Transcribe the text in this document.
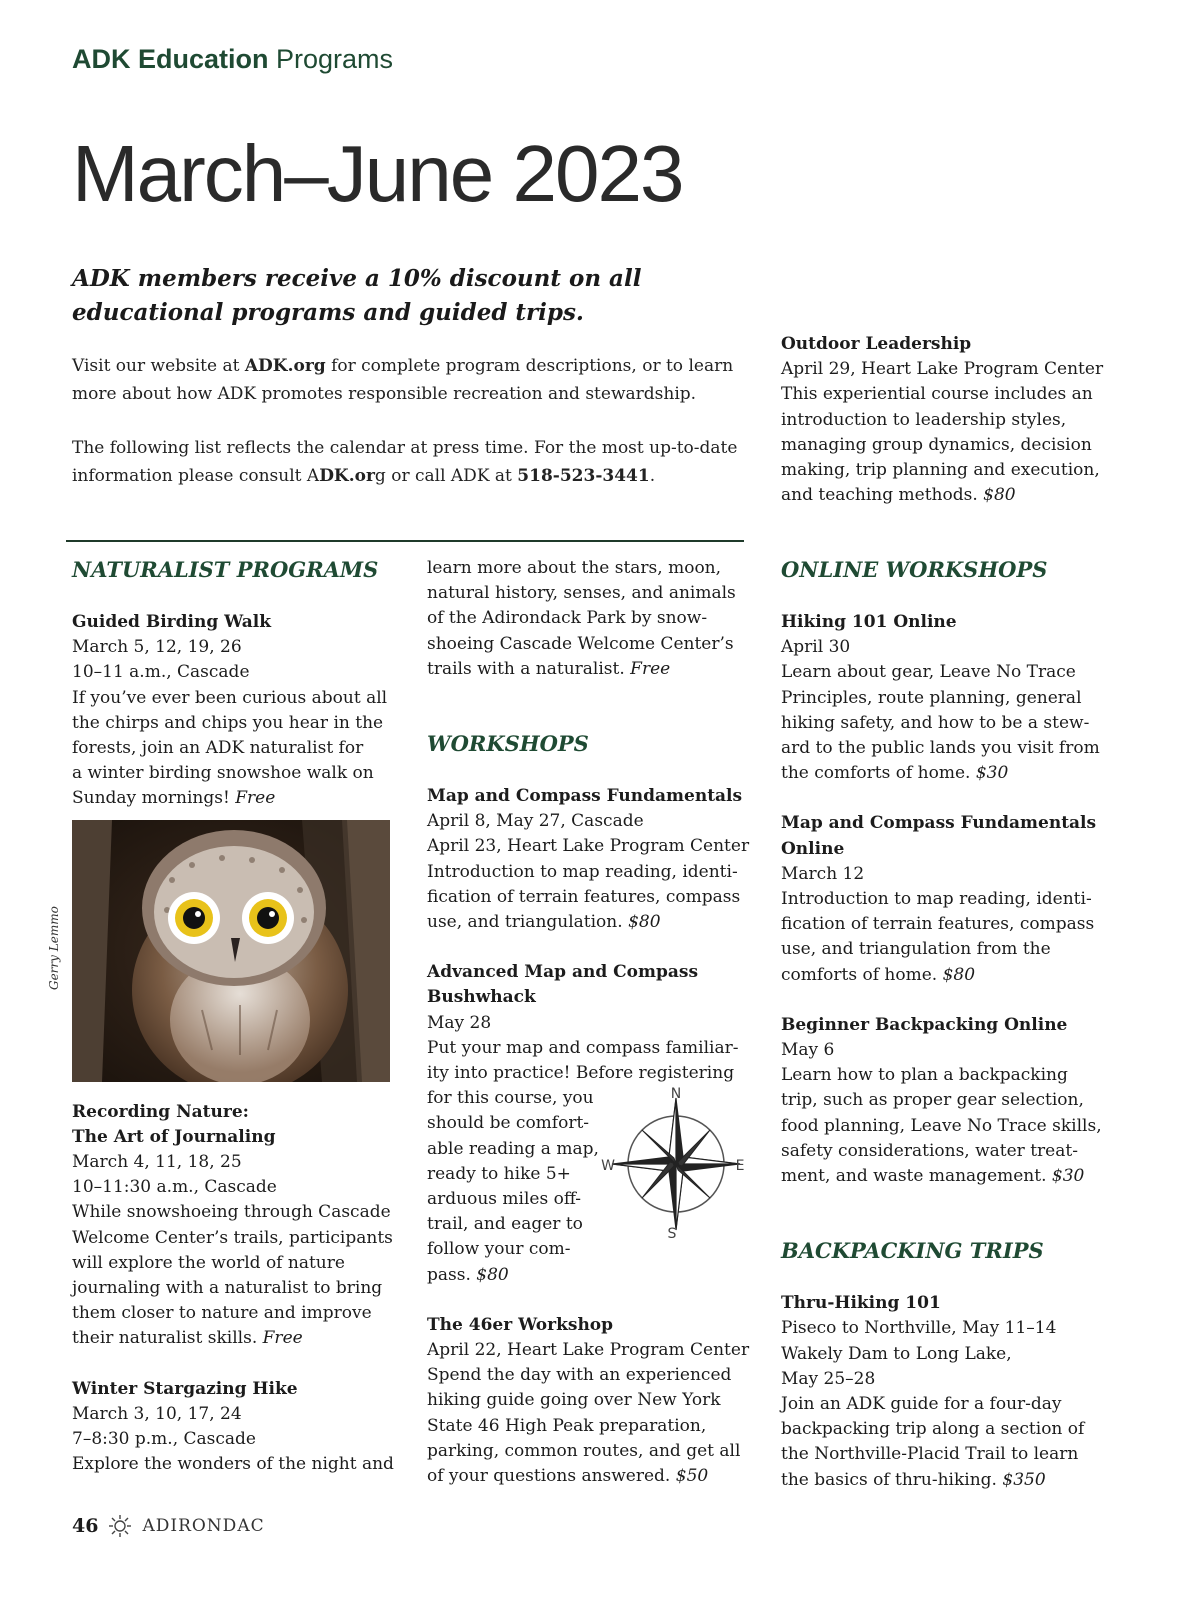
ADK Education Programs
March–June 2023
ADK members receive a 10% discount on all
educational programs and guided trips.

Visit our website at ADK.org for complete program descriptions, or to learn more about how ADK promotes responsible recreation and stewardship.

The following list reflects the calendar at press time. For the most up-to-date information please consult ADK.org or call ADK at 518-523-3441.

Outdoor Leadership
April 29, Heart Lake Program Center
This experiential course includes an
introduction to leadership styles,
managing group dynamics, decision
making, trip planning and execution,
and teaching methods. $80
NATURALIST PROGRAMS
Guided Birding Walk
March 5, 12, 19, 26
10–11 a.m., Cascade
If you’ve ever been curious about all
the chirps and chips you hear in the
forests, join an ADK naturalist for
a winter birding snowshoe walk on
Sunday mornings! Free
Gerry Lemmo
Recording Nature:
The Art of Journaling
March 4, 11, 18, 25
10–11:30 a.m., Cascade
While snowshoeing through Cascade
Welcome Center’s trails, participants
will explore the world of nature
journaling with a naturalist to bring
them closer to nature and improve
their naturalist skills. Free
Winter Stargazing Hike
March 3, 10, 17, 24
7–8:30 p.m., Cascade
Explore the wonders of the night and
learn more about the stars, moon,
natural history, senses, and animals
of the Adirondack Park by snow-
shoeing Cascade Welcome Center’s
trails with a naturalist. Free
WORKSHOPS
Map and Compass Fundamentals
April 8, May 27, Cascade
April 23, Heart Lake Program Center
Introduction to map reading, identi-
fication of terrain features, compass
use, and triangulation. $80
Advanced Map and Compass
Bushwhack
May 28
Put your map and compass familiar-
ity into practice! Before registering
for this course, you
should be comfort-
able reading a map,
ready to hike 5+
arduous miles off-
trail, and eager to
follow your com-
pass. $80
The 46er Workshop
April 22, Heart Lake Program Center
Spend the day with an experienced
hiking guide going over New York
State 46 High Peak preparation,
parking, common routes, and get all
of your questions answered. $50
N
S
E
W
ONLINE WORKSHOPS
Hiking 101 Online
April 30
Learn about gear, Leave No Trace
Principles, route planning, general
hiking safety, and how to be a stew-
ard to the public lands you visit from
the comforts of home. $30
Map and Compass Fundamentals
Online
March 12
Introduction to map reading, identi-
fication of terrain features, compass
use, and triangulation from the
comforts of home. $80
Beginner Backpacking Online
May 6
Learn how to plan a backpacking
trip, such as proper gear selection,
food planning, Leave No Trace skills,
safety considerations, water treat-
ment, and waste management. $30
BACKPACKING TRIPS
Thru-Hiking 101
Piseco to Northville, May 11–14
Wakely Dam to Long Lake,
May 25–28
Join an ADK guide for a four-day
backpacking trip along a section of
the Northville-Placid Trail to learn
the basics of thru-hiking. $350
46	ADIRONDAC
